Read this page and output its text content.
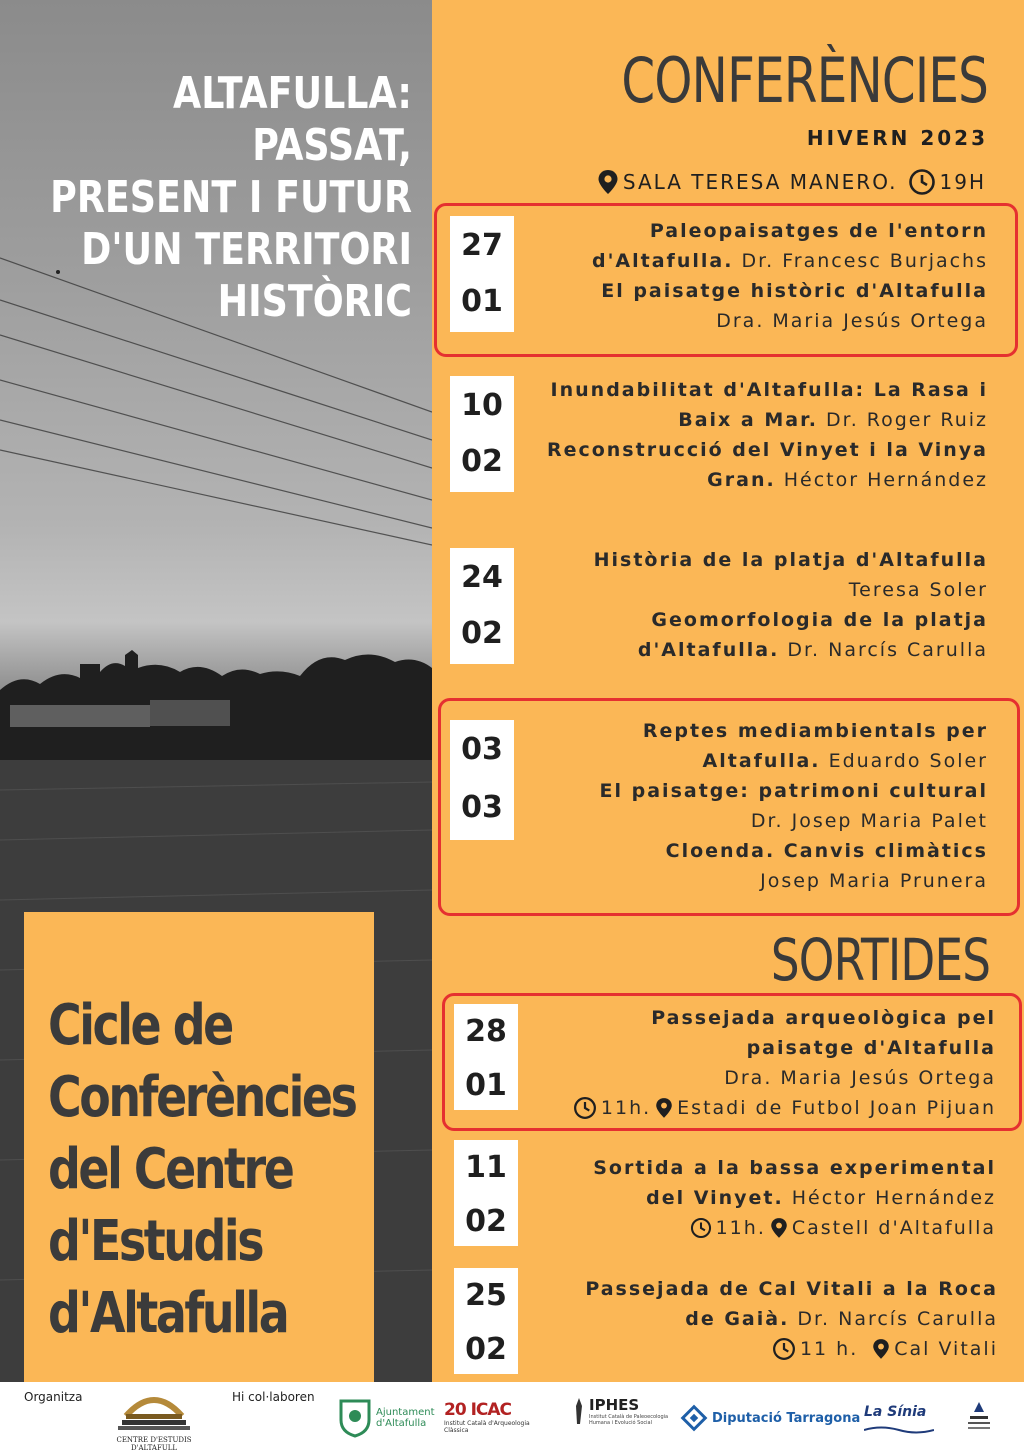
ALTAFULLA: PASSAT,
PRESENT I FUTUR
D'UN TERRITORI
HISTÒRIC
Cicle de
Conferències
del Centre
d'Estudis
d'Altafulla
CONFERÈNCIES
HIVERN 2023
SALA TERESA MANERO. 19H
27
01
Paleopaisatges de l'entorn
d'Altafulla. Dr. Francesc Burjachs
El paisatge històric d'Altafulla
Dra. Maria Jesús Ortega
10
02
Inundabilitat d'Altafulla: La Rasa i
Baix a Mar. Dr. Roger Ruiz
Reconstrucció del Vinyet i la Vinya
Gran. Héctor Hernández
24
02
Història de la platja d'Altafulla
Teresa Soler
Geomorfologia de la platja
d'Altafulla. Dr. Narcís Carulla
03
03
Reptes mediambientals per
Altafulla. Eduardo Soler
El paisatge: patrimoni cultural
Dr. Josep Maria Palet
Cloenda. Canvis climàtics
Josep Maria Prunera
SORTIDES
28
01
Passejada arqueològica pel
paisatge d'Altafulla
Dra. Maria Jesús Ortega
11h. Estadi de Futbol Joan Pijuan
11
02
Sortida a la bassa experimental
del Vinyet. Héctor Hernández
11h. Castell d'Altafulla
25
02
Passejada de Cal Vitali a la Roca
de Gaià. Dr. Narcís Carulla
11 h. Cal Vitali
Organitza	Hi col·laboren
CENTRE D'ESTUDIS D'ALTAFULL
Ajuntament d'Altafulla
20 ICAC
Institut Català d'Arqueologia Clàssica
IPHES
Institut Català de Paleoecologia Humana i Evolució Social	Diputació Tarragona La Sínia
